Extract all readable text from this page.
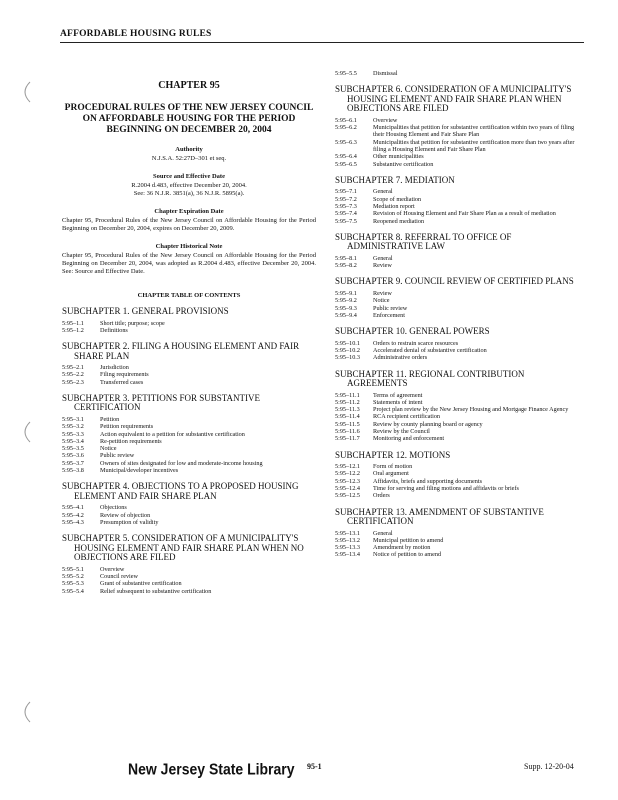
AFFORDABLE HOUSING RULES
CHAPTER 95
PROCEDURAL RULES OF THE NEW JERSEY COUNCIL ON AFFORDABLE HOUSING FOR THE PERIOD BEGINNING ON DECEMBER 20, 2004
Authority
N.J.S.A. 52:27D–301 et seq.
Source and Effective Date
R.2004 d.483, effective December 20, 2004.
See: 36 N.J.R. 3851(a), 36 N.J.R. 5895(a).
Chapter Expiration Date
Chapter 95, Procedural Rules of the New Jersey Council on Affordable Housing for the Period Beginning on December 20, 2004, expires on December 20, 2009.
Chapter Historical Note
Chapter 95, Procedural Rules of the New Jersey Council on Affordable Housing for the Period Beginning on December 20, 2004, was adopted as R.2004 d.483, effective December 20, 2004. See: Source and Effective Date.
CHAPTER TABLE OF CONTENTS
SUBCHAPTER 1. GENERAL PROVISIONS
5:95–1.1	Short title; purpose; scope
5:95–1.2	Definitions
SUBCHAPTER 2. FILING A HOUSING ELEMENT AND FAIR SHARE PLAN
5:95–2.1	Jurisdiction
5:95–2.2	Filing requirements
5:95–2.3	Transferred cases
SUBCHAPTER 3. PETITIONS FOR SUBSTANTIVE CERTIFICATION
5:95–3.1	Petition
5:95–3.2	Petition requirements
5:95–3.3	Action equivalent to a petition for substantive certification
5:95–3.4	Re-petition requirements
5:95–3.5	Notice
5:95–3.6	Public review
5:95–3.7	Owners of sites designated for low and moderate-income housing
5:95–3.8	Municipal/developer incentives
SUBCHAPTER 4. OBJECTIONS TO A PROPOSED HOUSING ELEMENT AND FAIR SHARE PLAN
5:95–4.1	Objections
5:95–4.2	Review of objection
5:95–4.3	Presumption of validity
SUBCHAPTER 5. CONSIDERATION OF A MUNICIPALITY'S HOUSING ELEMENT AND FAIR SHARE PLAN WHEN NO OBJECTIONS ARE FILED
5:95–5.1	Overview
5:95–5.2	Council review
5:95–5.3	Grant of substantive certification
5:95–5.4	Relief subsequent to substantive certification
5:95–5.5	Dismissal
SUBCHAPTER 6. CONSIDERATION OF A MUNICIPALITY'S HOUSING ELEMENT AND FAIR SHARE PLAN WHEN OBJECTIONS ARE FILED
5:95–6.1	Overview
5:95–6.2	Municipalities that petition for substantive certification within two years of filing their Housing Element and Fair Share Plan
5:95–6.3	Municipalities that petition for substantive certification more than two years after filing a Housing Element and Fair Share Plan
5:95–6.4	Other municipalities
5:95–6.5	Substantive certification
SUBCHAPTER 7. MEDIATION
5:95–7.1	General
5:95–7.2	Scope of mediation
5:95–7.3	Mediation report
5:95–7.4	Revision of Housing Element and Fair Share Plan as a result of mediation
5:95–7.5	Reopened mediation
SUBCHAPTER 8. REFERRAL TO OFFICE OF ADMINISTRATIVE LAW
5:95–8.1	General
5:95–8.2	Review
SUBCHAPTER 9. COUNCIL REVIEW OF CERTIFIED PLANS
5:95–9.1	Review
5:95–9.2	Notice
5:95–9.3	Public review
5:95–9.4	Enforcement
SUBCHAPTER 10. GENERAL POWERS
5:95–10.1	Orders to restrain scarce resources
5:95–10.2	Accelerated denial of substantive certification
5:95–10.3	Administrative orders
SUBCHAPTER 11. REGIONAL CONTRIBUTION AGREEMENTS
5:95–11.1	Terms of agreement
5:95–11.2	Statements of intent
5:95–11.3	Project plan review by the New Jersey Housing and Mortgage Finance Agency
5:95–11.4	RCA recipient certification
5:95–11.5	Review by county planning board or agency
5:95–11.6	Review by the Council
5:95–11.7	Monitoring and enforcement
SUBCHAPTER 12. MOTIONS
5:95–12.1	Form of motion
5:95–12.2	Oral argument
5:95–12.3	Affidavits, briefs and supporting documents
5:95–12.4	Time for serving and filing motions and affidavits or briefs
5:95–12.5	Orders
SUBCHAPTER 13. AMENDMENT OF SUBSTANTIVE CERTIFICATION
5:95–13.1	General
5:95–13.2	Municipal petition to amend
5:95–13.3	Amendment by motion
5:95–13.4	Notice of petition to amend
New Jersey State Library 95-1	Supp. 12-20-04
